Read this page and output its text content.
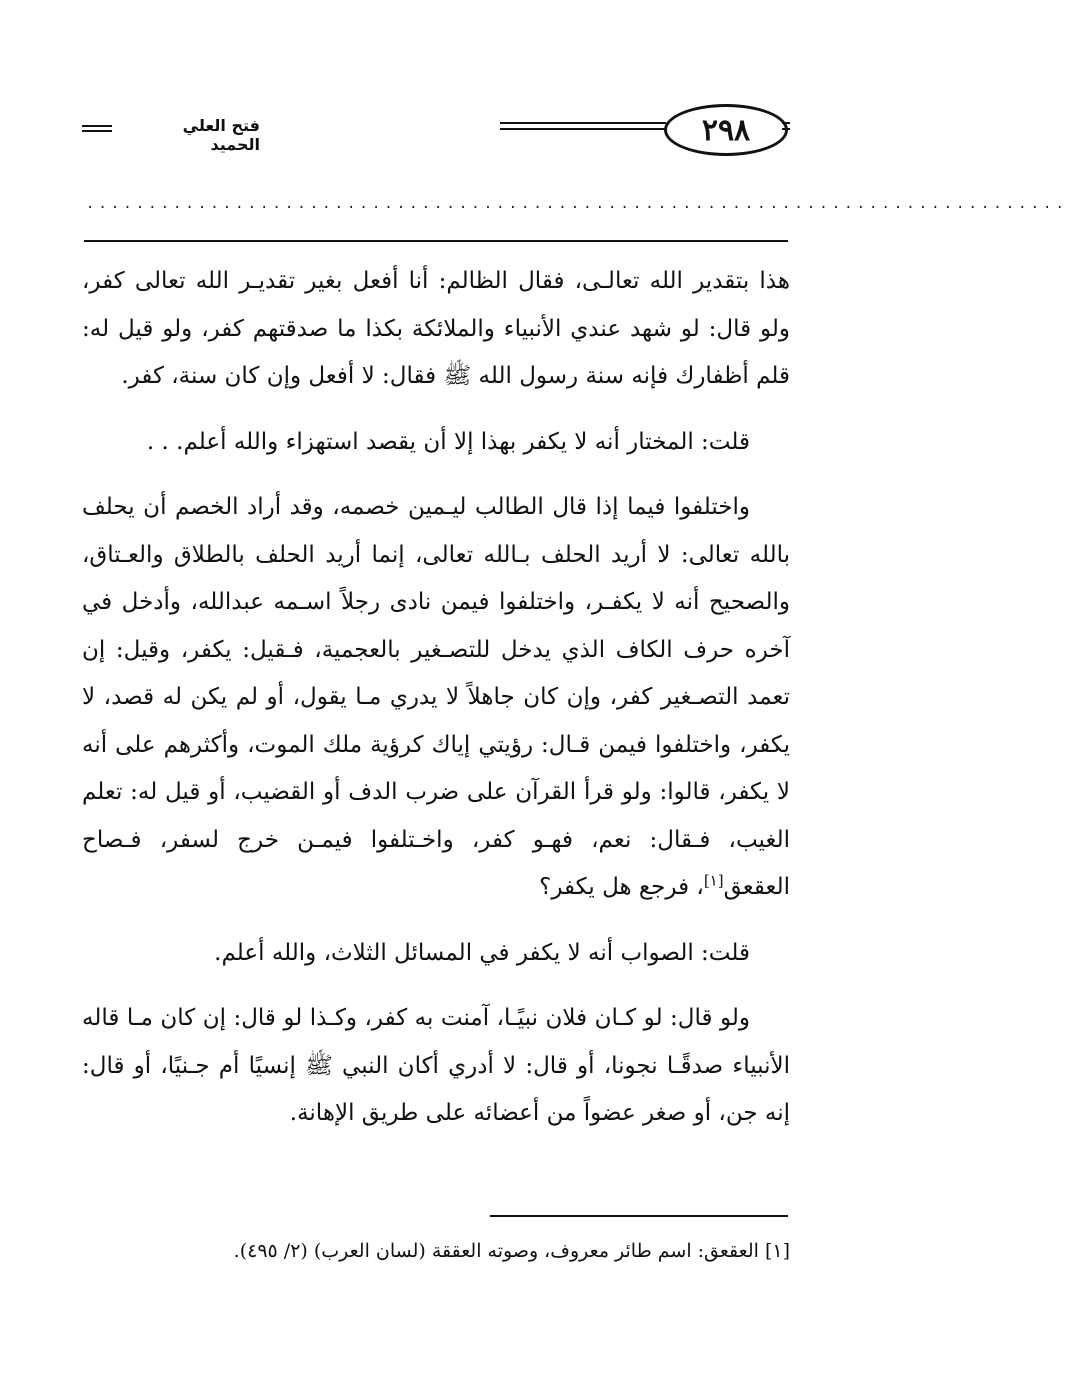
٢٩٨
فتح العلي الحميد
...............................................................................

هذا بتقدير الله تعالـى، فقال الظالم: أنا أفعل بغير تقديـر الله تعالى كفر، ولو قال: لو شهد عندي الأنبياء والملائكة بكذا ما صدقتهم كفر، ولو قيل له: قلم أظفارك فإنه سنة رسول الله ﷺ فقال: لا أفعل وإن كان سنة، كفر.

قلت: المختار أنه لا يكفر بهذا إلا أن يقصد استهزاء والله أعلم. . .

واختلفوا فيما إذا قال الطالب ليـمين خصمه، وقد أراد الخصم أن يحلف بالله تعالى: لا أريد الحلف بـالله تعالى، إنما أريد الحلف بالطلاق والعـتاق، والصحيح أنه لا يكفـر، واختلفوا فيمن نادى رجلاً اسـمه عبدالله، وأدخل في آخره حرف الكاف الذي يدخل للتصـغير بالعجمية، فـقيل: يكفر، وقيل: إن تعمد التصـغير كفر، وإن كان جاهلاً لا يدري مـا يقول، أو لم يكن له قصد، لا يكفر، واختلفوا فيمن قـال: رؤيتي إياك كرؤية ملك الموت، وأكثرهم على أنه لا يكفر، قالوا: ولو قرأ القرآن على ضرب الدف أو القضيب، أو قيل له: تعلم الغيب، فـقال: نعم، فهـو كفر، واخـتلفوا فيمـن خرج لسفر، فـصاح العقعق[١]، فرجع هل يكفر؟

قلت: الصواب أنه لا يكفر في المسائل الثلاث، والله أعلم.

ولو قال: لو كـان فلان نبيًـا، آمنت به كفر، وكـذا لو قال: إن كان مـا قاله الأنبياء صدقًـا نجونا، أو قال: لا أدري أكان النبي ﷺ إنسيًا أم جـنيًا، أو قال: إنه جن، أو صغر عضواً من أعضائه على طريق الإهانة.

[١] العقعق: اسم طائر معروف، وصوته العققة (لسان العرب) (٢/ ٤٩٥).
